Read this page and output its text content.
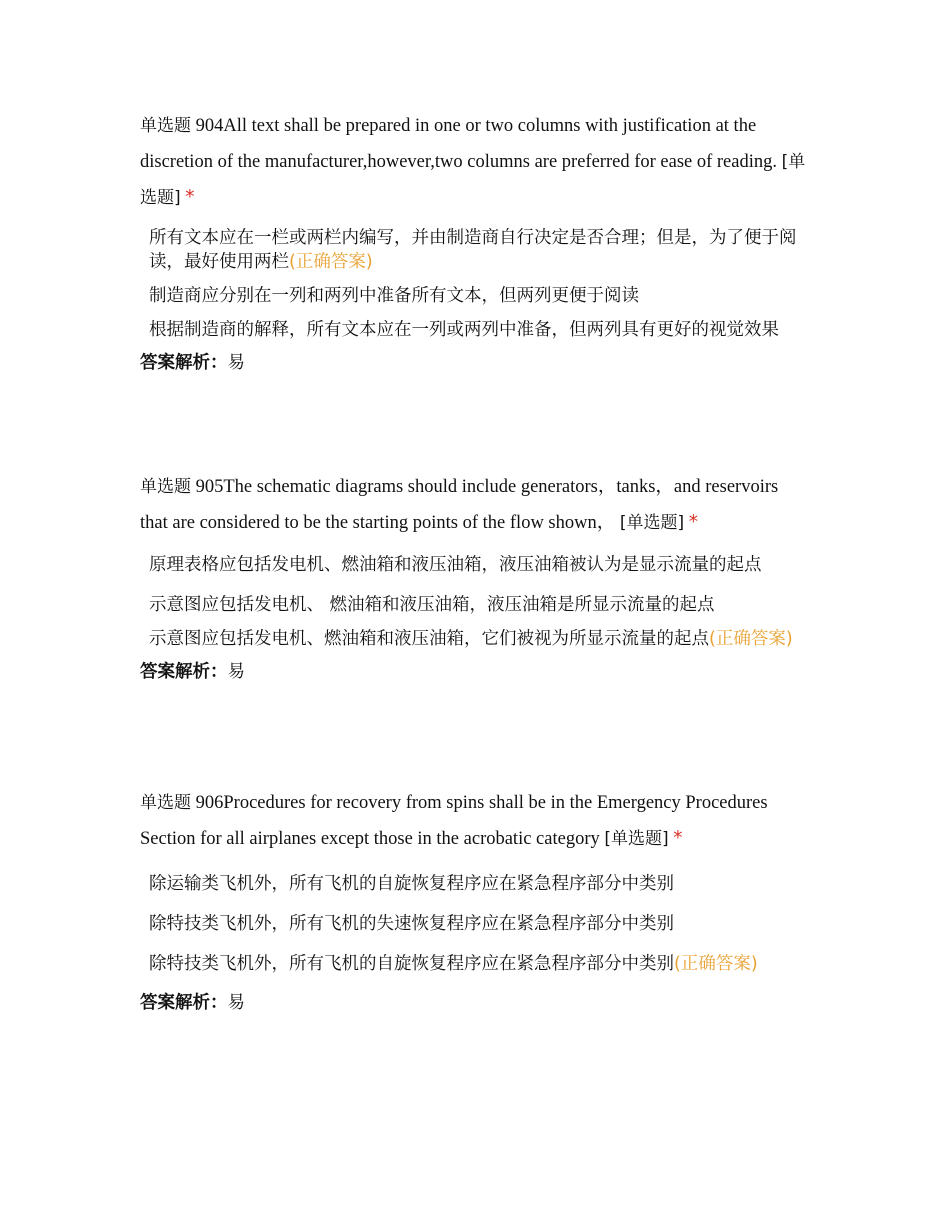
单选题 904All text shall be prepared in one or two columns with justification at the discretion of the manufacturer,however,two columns are preferred for ease of reading. [单选题] *

所有文本应在一栏或两栏内编写，并由制造商自行决定是否合理；但是，为了便于阅读，最好使用两栏(正确答案)
制造商应分别在一列和两列中准备所有文本，但两列更便于阅读
根据制造商的解释，所有文本应在一列或两列中准备，但两列具有更好的视觉效果

答案解析：易

单选题 905The schematic diagrams should include generators，tanks，and reservoirs that are considered to be the starting points of the flow shown， [单选题] *

原理表格应包括发电机、燃油箱和液压油箱，液压油箱被认为是显示流量的起点
示意图应包括发电机、 燃油箱和液压油箱，液压油箱是所显示流量的起点
示意图应包括发电机、燃油箱和液压油箱，它们被视为所显示流量的起点(正确答案)

答案解析：易

单选题 906Procedures for recovery from spins shall be in the Emergency Procedures Section for all airplanes except those in the acrobatic category [单选题] *

除运输类飞机外，所有飞机的自旋恢复程序应在紧急程序部分中类别
除特技类飞机外，所有飞机的失速恢复程序应在紧急程序部分中类别
除特技类飞机外，所有飞机的自旋恢复程序应在紧急程序部分中类别(正确答案)

答案解析：易
